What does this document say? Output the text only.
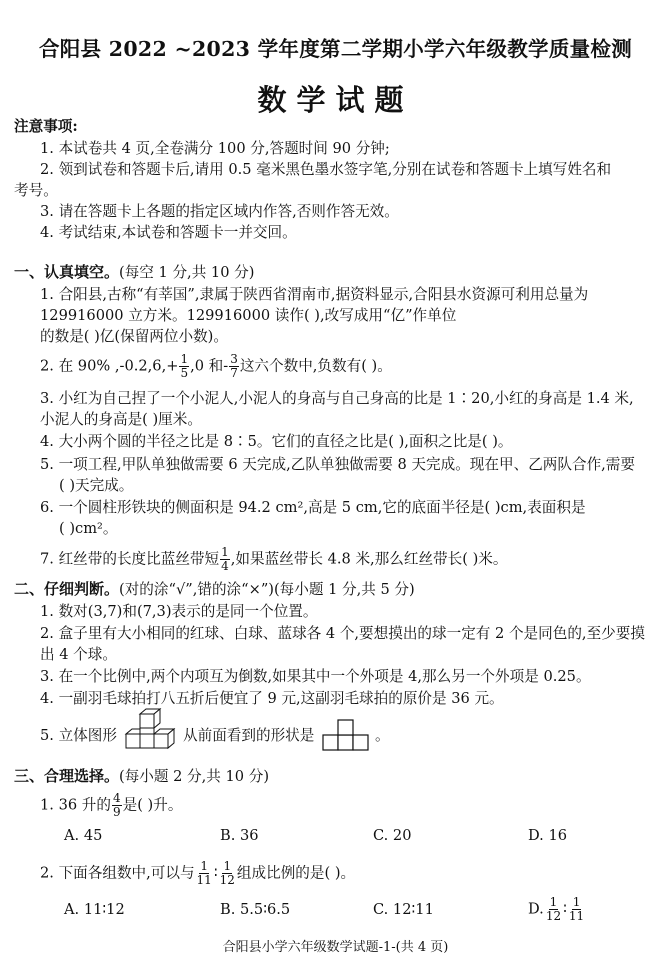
合阳县 2022 ~2023 学年度第二学期小学六年级教学质量检测
数学试题
注意事项:
1. 本试卷共 4 页,全卷满分 100 分,答题时间 90 分钟;
2. 领到试卷和答题卡后,请用 0.5 毫米黑色墨水签字笔,分别在试卷和答题卡上填写姓名和
考号。
3. 请在答题卡上各题的指定区域内作答,否则作答无效。
4. 考试结束,本试卷和答题卡一并交回。
一、认真填空。(每空 1 分,共 10 分)
1. 合阳县,古称“有莘国”,隶属于陕西省渭南市,据资料显示,合阳县水资源可利用总量为
129916000 立方米。129916000 读作( ),改写成用“亿”作单位
的数是( )亿(保留两位小数)。
2. 在 90% $,-0.2,6,+ \frac{1}{5} ,0$ 和- $\frac{3}{7}$ 这六个数中,负数有( )。
3. 小红为自己捏了一个小泥人,小泥人的身高与自己身高的比是 1∶20,小红的身高是 1.4 米,
小泥人的身高是( )厘米。
4. 大小两个圆的半径之比是 8∶5。它们的直径之比是( ),面积之比是( )。
5. 一项工程,甲队单独做需要 6 天完成,乙队单独做需要 8 天完成。现在甲、乙两队合作,需要
( )天完成。
6. 一个圆柱形铁块的侧面积是 94.2 cm²,高是 5 cm,它的底面半径是( )cm,表面积是
( )cm²。
7. 红丝带的长度比蓝丝带短 $\frac{1}{4}$ ,如果蓝丝带长 4.8 米,那么红丝带长( )米。
二、仔细判断。(对的涂“√”,错的涂“×”)(每小题 1 分,共 5 分)
1. 数对(3,7)和(7,3)表示的是同一个位置。
2. 盒子里有大小相同的红球、白球、蓝球各 4 个,要想摸出的球一定有 2 个是同色的,至少要摸
出 4 个球。
3. 在一个比例中,两个内项互为倒数,如果其中一个外项是 4,那么另一个外项是 0.25。
4. 一副羽毛球拍打八五折后便宜了 9 元,这副羽毛球拍的原价是 36 元。
5. 立体图形	从前面看到的形状是	。
三、合理选择。(每小题 2 分,共 10 分)
1. 36 升的 $\frac{4}{9}$ 是( )升。
A. 45	B. 36	C. 20	D. 16
2. 下面各组数中,可以与 $\frac{1}{11}$ ∶ $\frac{1}{12}$ 组成比例的是( )。
A. 11∶12	B. 5.5∶6.5	C. 12∶11	D. $\frac{1}{12}$ ∶ $\frac{1}{11}$
合阳县小学六年级数学试题-1-(共 4 页)
